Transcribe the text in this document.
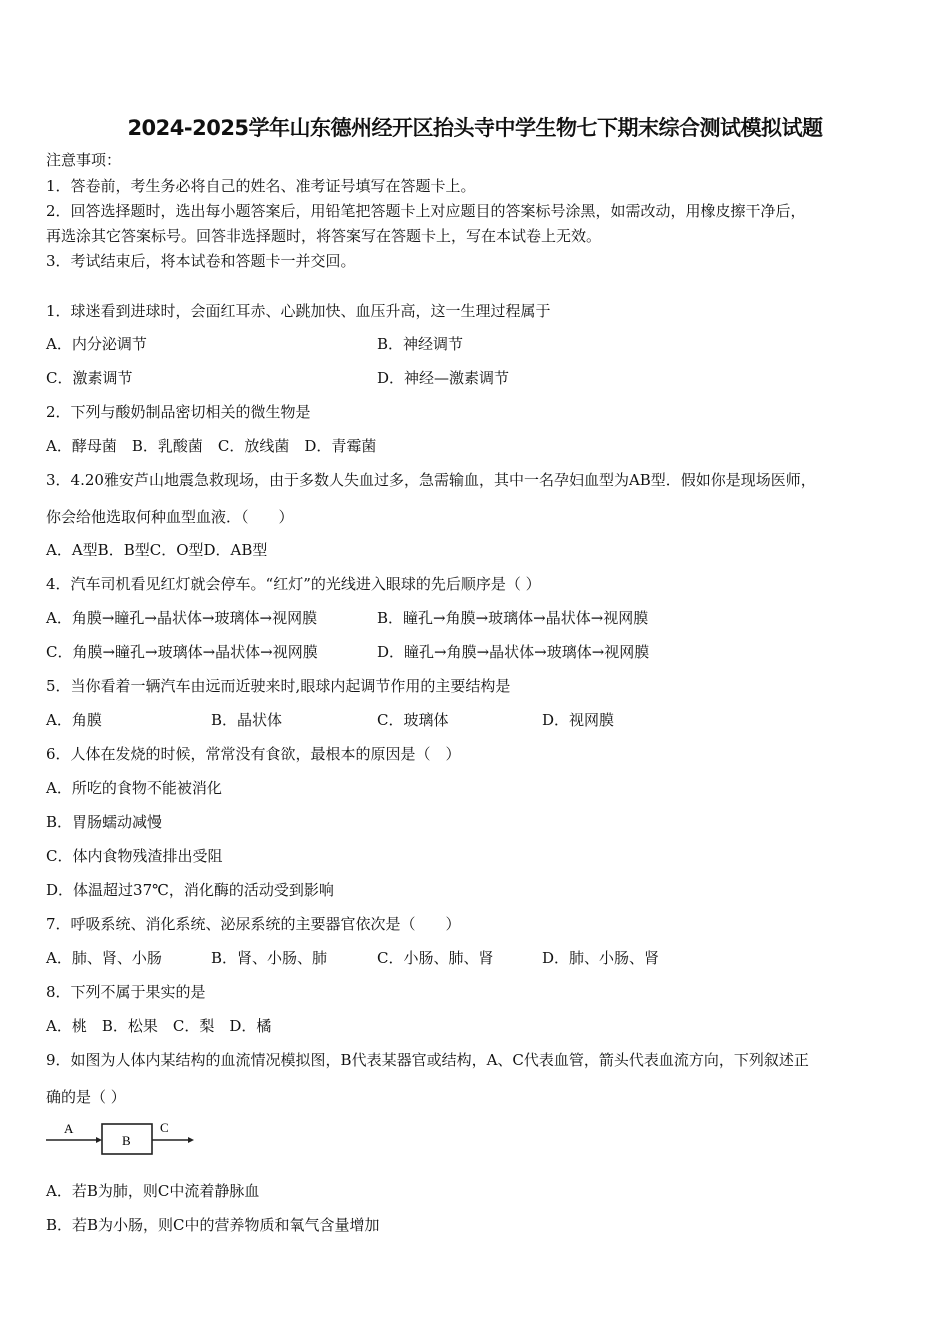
2024-2025学年山东德州经开区抬头寺中学生物七下期末综合测试模拟试题
注意事项：
1．答卷前，考生务必将自己的姓名、准考证号填写在答题卡上。
2．回答选择题时，选出每小题答案后，用铅笔把答题卡上对应题目的答案标号涂黑，如需改动，用橡皮擦干净后，
再选涂其它答案标号。回答非选择题时，将答案写在答题卡上，写在本试卷上无效。
3．考试结束后，将本试卷和答题卡一并交回。
1．球迷看到进球时，会面红耳赤、心跳加快、血压升高，这一生理过程属于
A．内分泌调节	B．神经调节
C．激素调节	D．神经—激素调节
2．下列与酸奶制品密切相关的微生物是
A．酵母菌　B．乳酸菌　C．放线菌　D．青霉菌
3．4.20雅安芦山地震急救现场，由于多数人失血过多，急需输血，其中一名孕妇血型为AB型．假如你是现场医师，
你会给他选取何种血型血液．（　　）
A．A型B．B型C．O型D．AB型
4．汽车司机看见红灯就会停车。“红灯”的光线进入眼球的先后顺序是（ ）
A．角膜→瞳孔→晶状体→玻璃体→视网膜	B．瞳孔→角膜→玻璃体→晶状体→视网膜
C．角膜→瞳孔→玻璃体→晶状体→视网膜	D．瞳孔→角膜→晶状体→玻璃体→视网膜
5．当你看着一辆汽车由远而近驶来时,眼球内起调节作用的主要结构是
A．角膜	B．晶状体	C．玻璃体	D．视网膜
6．人体在发烧的时候，常常没有食欲，最根本的原因是（　）
A．所吃的食物不能被消化
B．胃肠蠕动减慢
C．体内食物残渣排出受阻
D．体温超过37℃，消化酶的活动受到影响
7．呼吸系统、消化系统、泌尿系统的主要器官依次是（　　）
A．肺、肾、小肠	B．肾、小肠、肺	C．小肠、肺、肾	D．肺、小肠、肾
8．下列不属于果实的是
A．桃　B．松果　C．梨　D．橘
9．如图为人体内某结构的血流情况模拟图，B代表某器官或结构，A、C代表血管，箭头代表血流方向，下列叙述正
确的是（ ）
A
B
C
A．若B为肺，则C中流着静脉血
B．若B为小肠，则C中的营养物质和氧气含量增加
